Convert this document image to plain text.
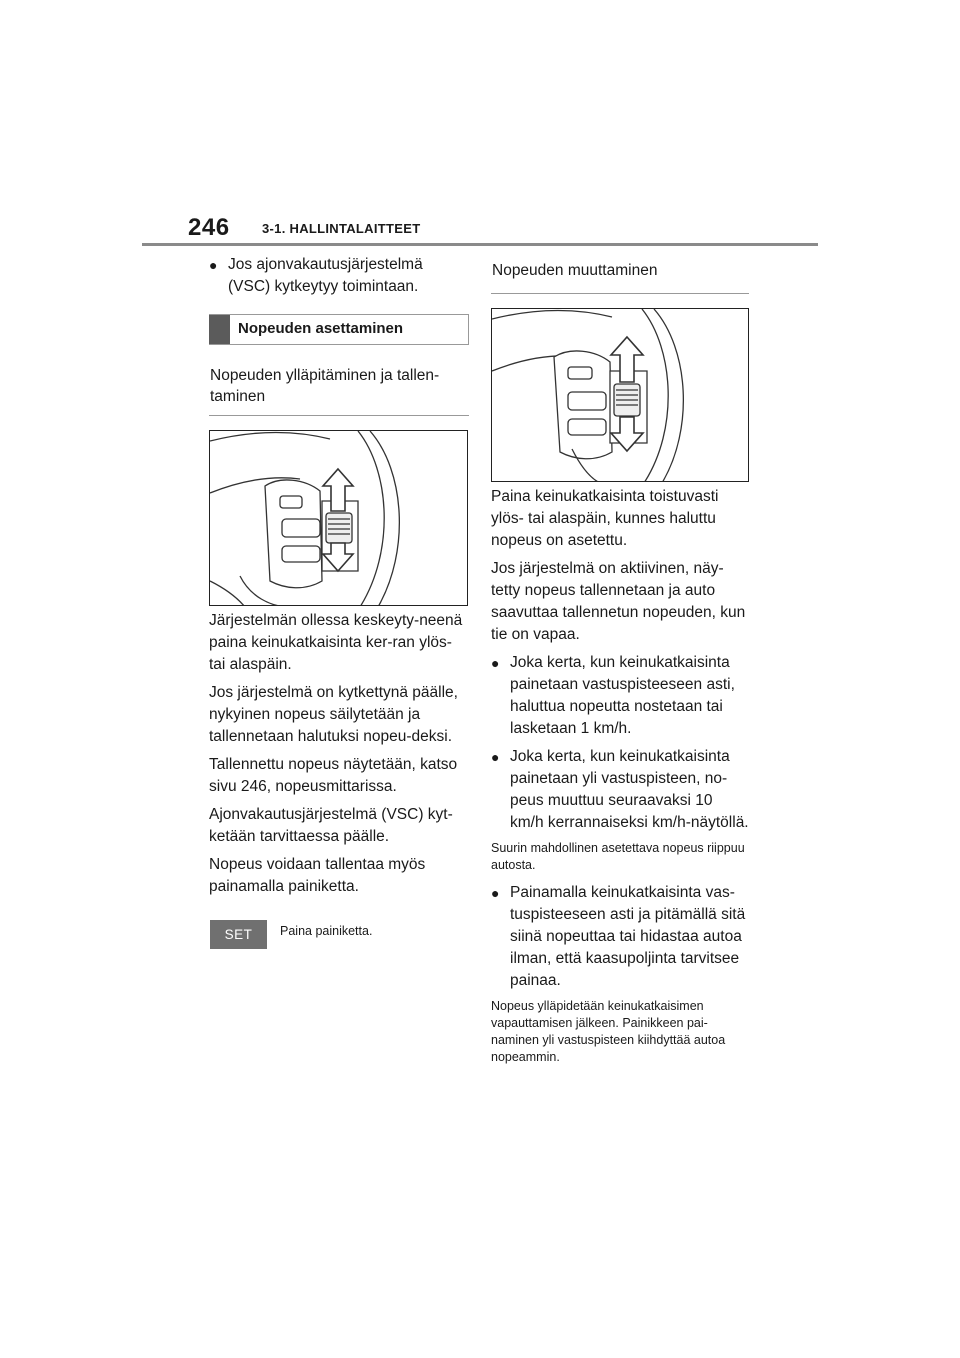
246 3-1. HALLINTALAITTEET
● Jos ajonvakautusjärjestelmä (VSC) kytkeytyy toimintaan.
Nopeuden asettaminen
Nopeuden ylläpitäminen ja tallen-taminen
Järjestelmän ollessa keskeyty-neenä paina keinukatkaisinta ker-ran ylös- tai alaspäin.
Jos järjestelmä on kytkettynä päälle, nykyinen nopeus säilytetään ja tallennetaan halutuksi nopeu-deksi.
Tallennettu nopeus näytetään, katso sivu 246, nopeusmittarissa.
Ajonvakautusjärjestelmä (VSC) kyt-ketään tarvittaessa päälle.
Nopeus voidaan tallentaa myös painamalla painiketta.
SET	Paina painiketta.
Nopeuden muuttaminen
Paina keinukatkaisinta toistuvasti ylös- tai alaspäin, kunnes haluttu nopeus on asetettu.
Jos järjestelmä on aktiivinen, näy-tetty nopeus tallennetaan ja auto saavuttaa tallennetun nopeuden, kun tie on vapaa.
● Joka kerta, kun keinukatkaisinta painetaan vastuspisteeseen asti, haluttua nopeutta nostetaan tai lasketaan 1 km/h.
● Joka kerta, kun keinukatkaisinta painetaan yli vastuspisteen, no-peus muuttuu seuraavaksi 10 km/h kerrannaiseksi km/h-näytöllä.
Suurin mahdollinen asetettava nopeus riippuu autosta.
● Painamalla keinukatkaisinta vas-tuspisteeseen asti ja pitämällä sitä siinä nopeuttaa tai hidastaa autoa ilman, että kaasupoljinta tarvitsee painaa.
Nopeus ylläpidetään keinukatkaisimen vapauttamisen jälkeen. Painikkeen pai-naminen yli vastuspisteen kiihdyttää autoa nopeammin.
